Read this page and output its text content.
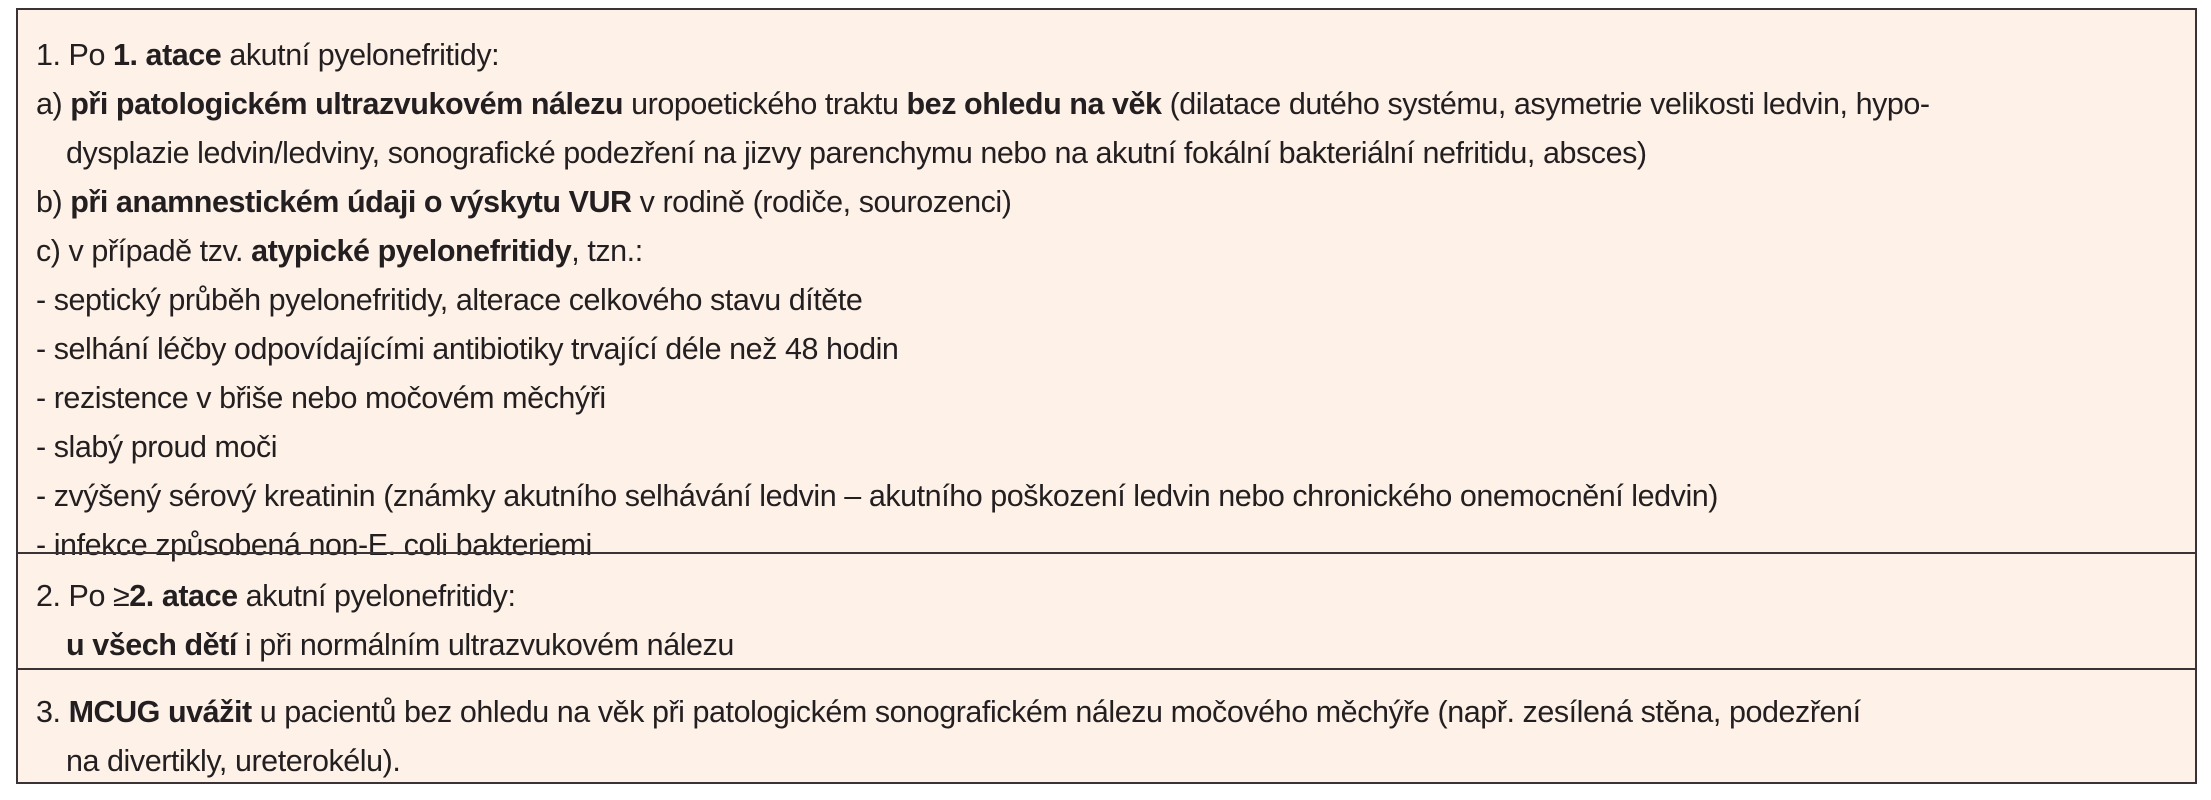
1. Po 1. atace akutní pyelonefritidy:
a) při patologickém ultrazvukovém nálezu uropoetického traktu bez ohledu na věk (dilatace dutého systému, asymetrie velikosti ledvin, hypo-
dysplazie ledvin/ledviny, sonografické podezření na jizvy parenchymu nebo na akutní fokální bakteriální nefritidu, absces)
b) při anamnestickém údaji o výskytu VUR v rodině (rodiče, sourozenci)
c) v případě tzv. atypické pyelonefritidy, tzn.:
- septický průběh pyelonefritidy, alterace celkového stavu dítěte
- selhání léčby odpovídajícími antibiotiky trvající déle než 48 hodin
- rezistence v břiše nebo močovém měchýři
- slabý proud moči
- zvýšený sérový kreatinin (známky akutního selhávání ledvin – akutního poškození ledvin nebo chronického onemocnění ledvin)
- infekce způsobená non-E. coli bakteriemi
2. Po ≥2. atace akutní pyelonefritidy:
u všech dětí i při normálním ultrazvukovém nálezu
3. MCUG uvážit u pacientů bez ohledu na věk při patologickém sonografickém nálezu močového měchýře (např. zesílená stěna, podezření
na divertikly, ureterokélu).
